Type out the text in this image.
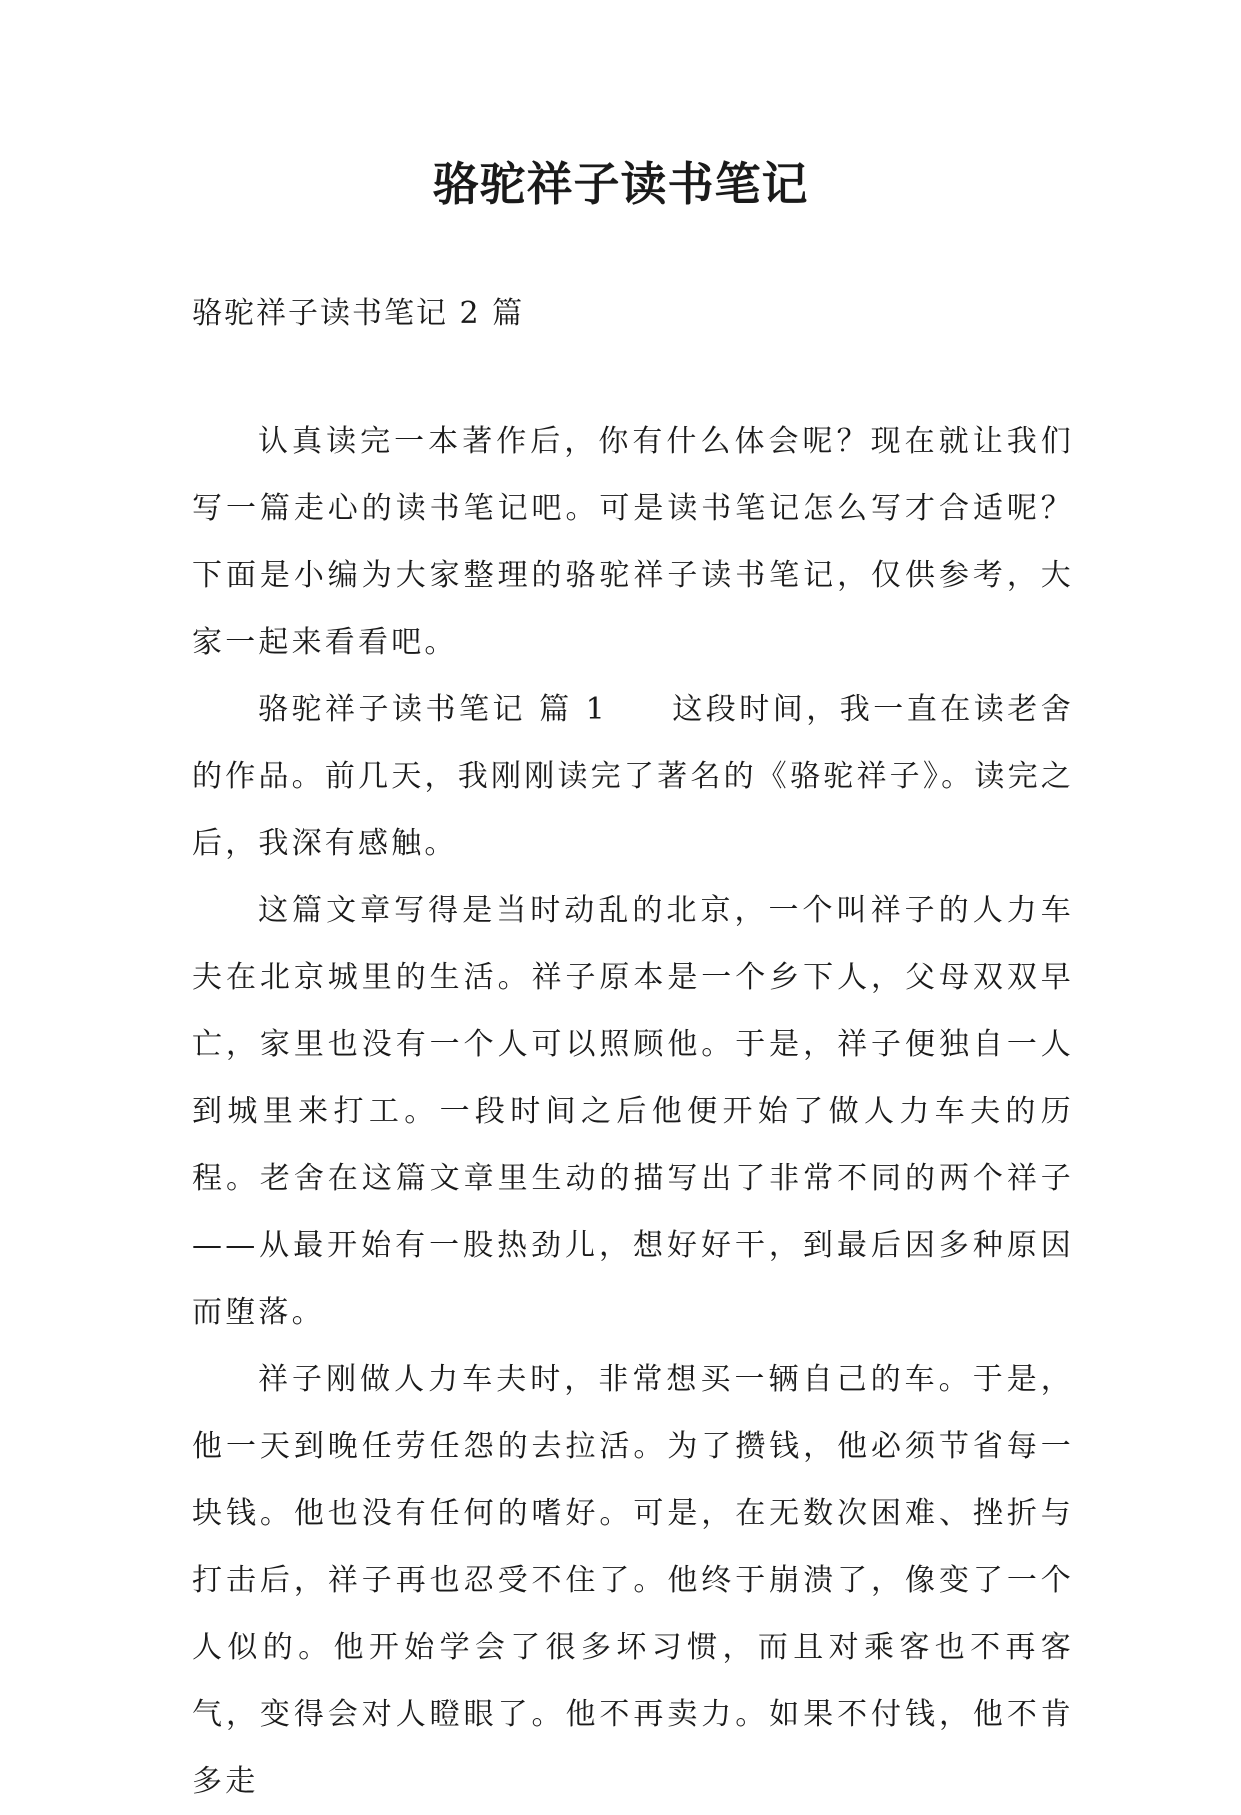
骆驼祥子读书笔记

骆驼祥子读书笔记 2 篇

认真读完一本著作后，你有什么体会呢？现在就让我们写一篇走心的读书笔记吧。可是读书笔记怎么写才合适呢？下面是小编为大家整理的骆驼祥子读书笔记，仅供参考，大家一起来看看吧。

骆驼祥子读书笔记 篇 1 这段时间，我一直在读老舍的作品。前几天，我刚刚读完了著名的《骆驼祥子》。读完之后，我深有感触。

这篇文章写得是当时动乱的北京，一个叫祥子的人力车夫在北京城里的生活。祥子原本是一个乡下人，父母双双早亡，家里也没有一个人可以照顾他。于是，祥子便独自一人到城里来打工。一段时间之后他便开始了做人力车夫的历程。老舍在这篇文章里生动的描写出了非常不同的两个祥子——从最开始有一股热劲儿，想好好干，到最后因多种原因而堕落。

祥子刚做人力车夫时，非常想买一辆自己的车。于是，他一天到晚任劳任怨的去拉活。为了攒钱，他必须节省每一块钱。他也没有任何的嗜好。可是，在无数次困难、挫折与打击后，祥子再也忍受不住了。他终于崩溃了，像变了一个人似的。他开始学会了很多坏习惯，而且对乘客也不再客气，变得会对人瞪眼了。他不再卖力。如果不付钱，他不肯多走
